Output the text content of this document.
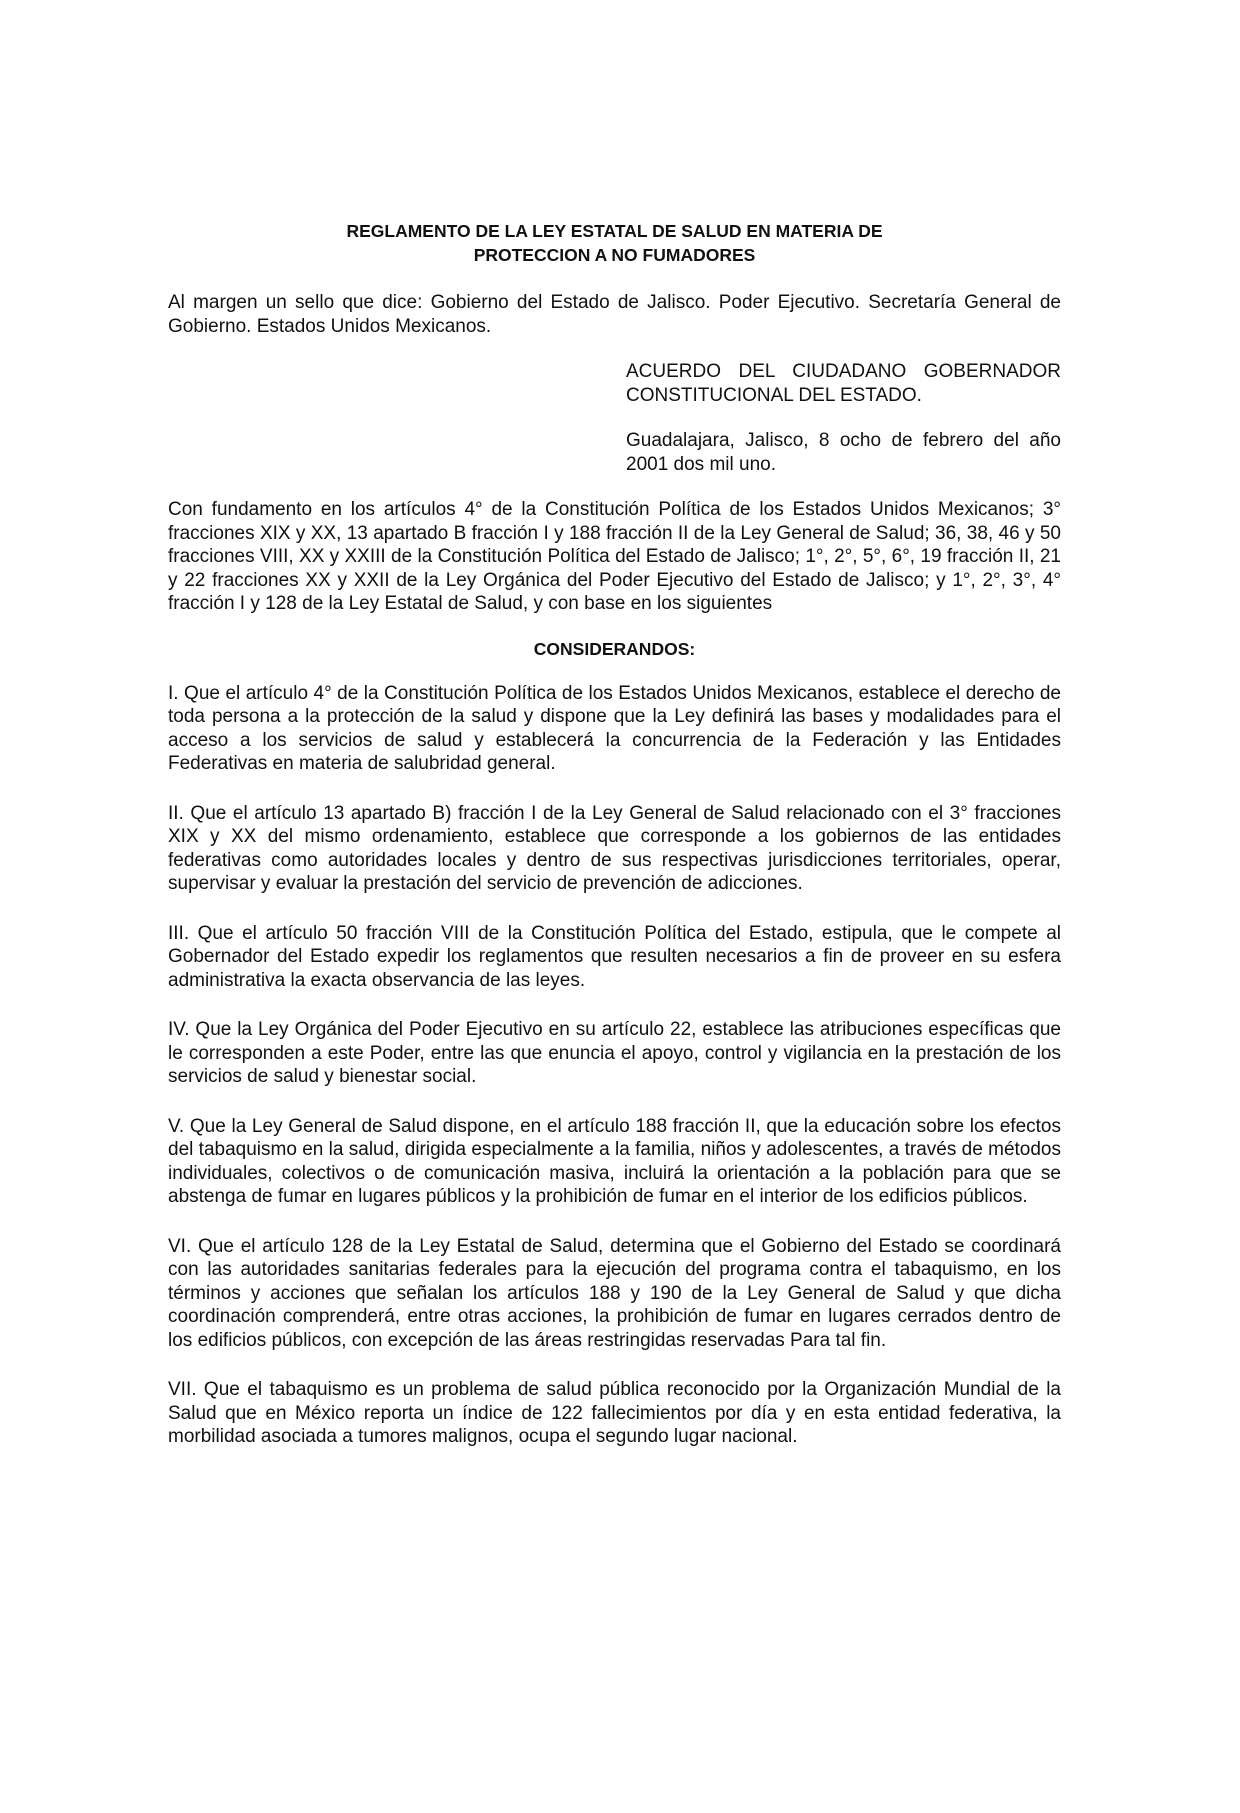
REGLAMENTO DE LA LEY ESTATAL DE SALUD EN MATERIA DE
PROTECCION A NO FUMADORES

Al margen un sello que dice: Gobierno del Estado de Jalisco. Poder Ejecutivo. Secretaría General de Gobierno. Estados Unidos Mexicanos.

ACUERDO DEL CIUDADANO GOBERNADOR CONSTITUCIONAL DEL ESTADO.

Guadalajara, Jalisco, 8 ocho de febrero del año 2001 dos mil uno.

Con fundamento en los artículos 4° de la Constitución Política de los Estados Unidos Mexicanos; 3° fracciones XIX y XX, 13 apartado B fracción I y 188 fracción II de la Ley General de Salud; 36, 38, 46 y 50 fracciones VIII, XX y XXIII de la Constitución Política del Estado de Jalisco; 1°, 2°, 5°, 6°, 19 fracción II, 21 y 22 fracciones XX y XXII de la Ley Orgánica del Poder Ejecutivo del Estado de Jalisco; y 1°, 2°, 3°, 4° fracción I y 128 de la Ley Estatal de Salud, y con base en los siguientes

CONSIDERANDOS:

I. Que el artículo 4° de la Constitución Política de los Estados Unidos Mexicanos, establece el derecho de toda persona a la protección de la salud y dispone que la Ley definirá las bases y modalidades para el acceso a los servicios de salud y establecerá la concurrencia de la Federación y las Entidades Federativas en materia de salubridad general.

II. Que el artículo 13 apartado B) fracción I de la Ley General de Salud relacionado con el 3° fracciones XIX y XX del mismo ordenamiento, establece que corresponde a los gobiernos de las entidades federativas como autoridades locales y dentro de sus respectivas jurisdicciones territoriales, operar, supervisar y evaluar la prestación del servicio de prevención de adicciones.

III. Que el artículo 50 fracción VIII de la Constitución Política del Estado, estipula, que le compete al Gobernador del Estado expedir los reglamentos que resulten necesarios a fin de proveer en su esfera administrativa la exacta observancia de las leyes.

IV. Que la Ley Orgánica del Poder Ejecutivo en su artículo 22, establece las atribuciones específicas que le corresponden a este Poder, entre las que enuncia el apoyo, control y vigilancia en la prestación de los servicios de salud y bienestar social.

V. Que la Ley General de Salud dispone, en el artículo 188 fracción II, que la educación sobre los efectos del tabaquismo en la salud, dirigida especialmente a la familia, niños y adolescentes, a través de métodos individuales, colectivos o de comunicación masiva, incluirá la orientación a la población para que se abstenga de fumar en lugares públicos y la prohibición de fumar en el interior de los edificios públicos.

VI. Que el artículo 128 de la Ley Estatal de Salud, determina que el Gobierno del Estado se coordinará con las autoridades sanitarias federales para la ejecución del programa contra el tabaquismo, en los términos y acciones que señalan los artículos 188 y 190 de la Ley General de Salud y que dicha coordinación comprenderá, entre otras acciones, la prohibición de fumar en lugares cerrados dentro de los edificios públicos, con excepción de las áreas restringidas reservadas Para tal fin.

VII. Que el tabaquismo es un problema de salud pública reconocido por la Organización Mundial de la Salud que en México reporta un índice de 122 fallecimientos por día y en esta entidad federativa, la morbilidad asociada a tumores malignos, ocupa el segundo lugar nacional.
